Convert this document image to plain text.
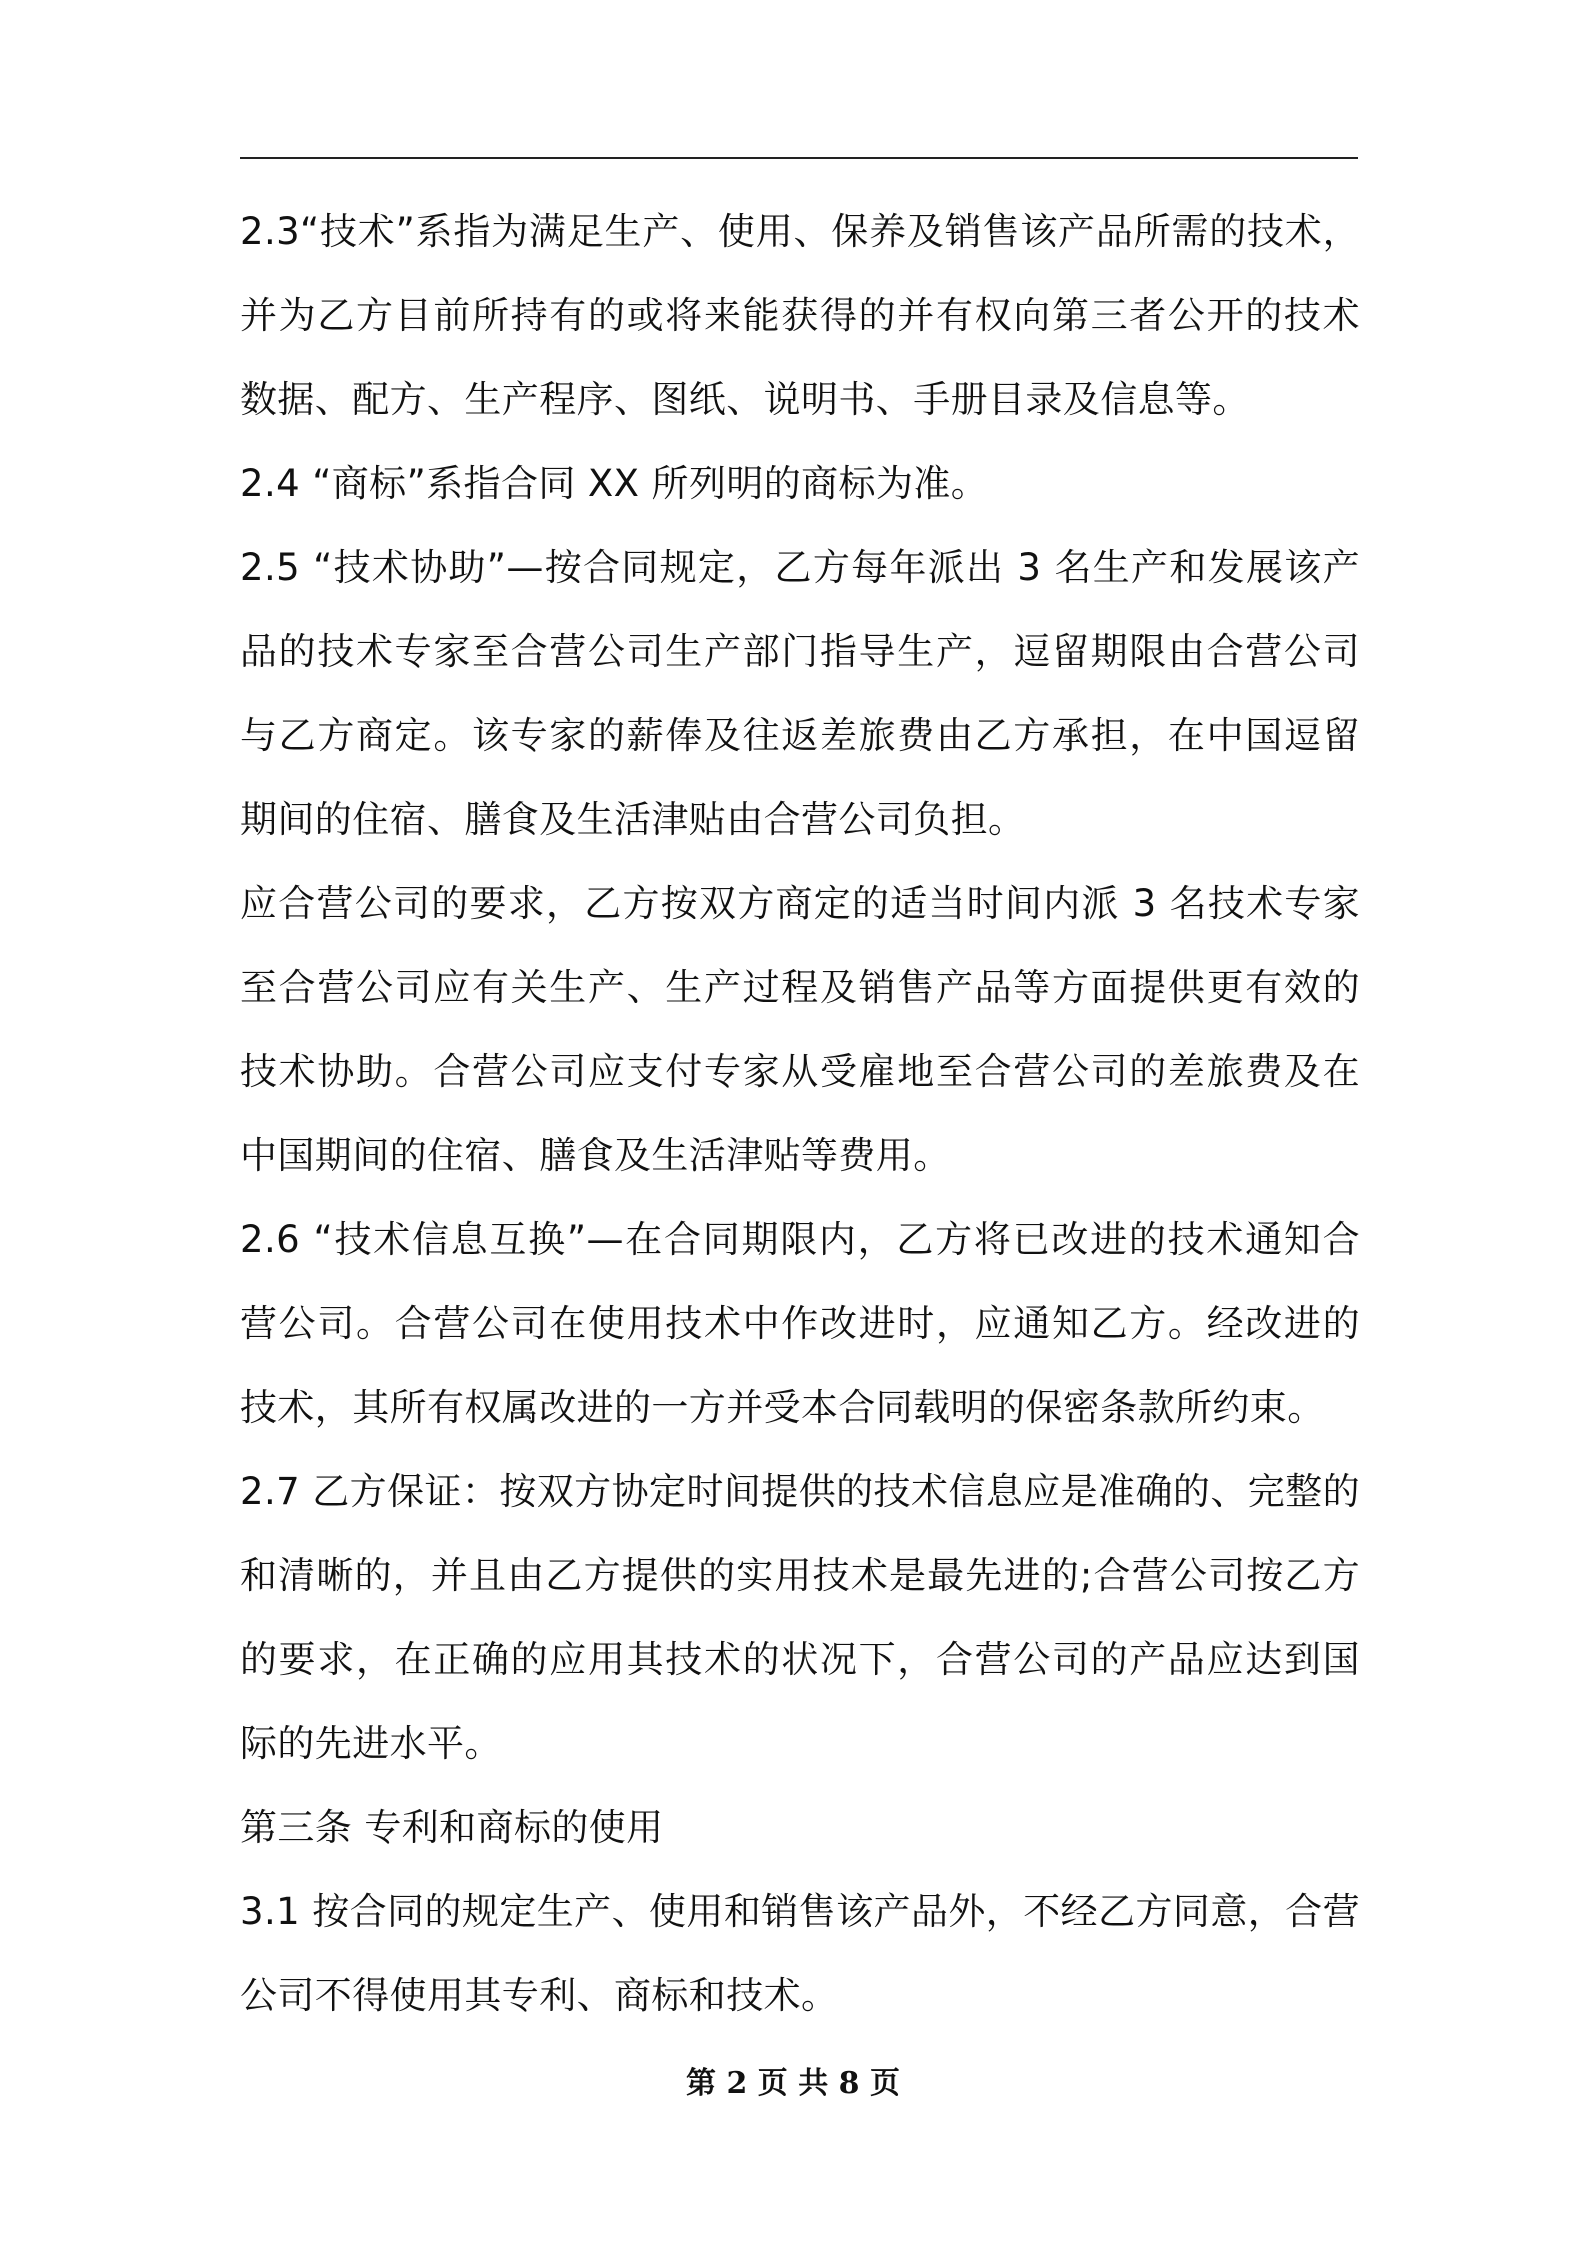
2.3“技术”系指为满足生产、使用、保养及销售该产品所需的技术，并为乙方目前所持有的或将来能获得的并有权向第三者公开的技术数据、配方、生产程序、图纸、说明书、手册目录及信息等。

2.4 “商标”系指合同 XX 所列明的商标为准。

2.5 “技术协助”—按合同规定，乙方每年派出 3 名生产和发展该产品的技术专家至合营公司生产部门指导生产，逗留期限由合营公司与乙方商定。该专家的薪俸及往返差旅费由乙方承担，在中国逗留期间的住宿、膳食及生活津贴由合营公司负担。

应合营公司的要求，乙方按双方商定的适当时间内派 3 名技术专家至合营公司应有关生产、生产过程及销售产品等方面提供更有效的技术协助。合营公司应支付专家从受雇地至合营公司的差旅费及在中国期间的住宿、膳食及生活津贴等费用。

2.6 “技术信息互换”—在合同期限内，乙方将已改进的技术通知合营公司。合营公司在使用技术中作改进时，应通知乙方。经改进的技术，其所有权属改进的一方并受本合同载明的保密条款所约束。

2.7 乙方保证：按双方协定时间提供的技术信息应是准确的、完整的和清晰的，并且由乙方提供的实用技术是最先进的;合营公司按乙方的要求，在正确的应用其技术的状况下，合营公司的产品应达到国际的先进水平。

第三条 专利和商标的使用

3.1 按合同的规定生产、使用和销售该产品外，不经乙方同意，合营公司不得使用其专利、商标和技术。

第 2 页 共 8 页
